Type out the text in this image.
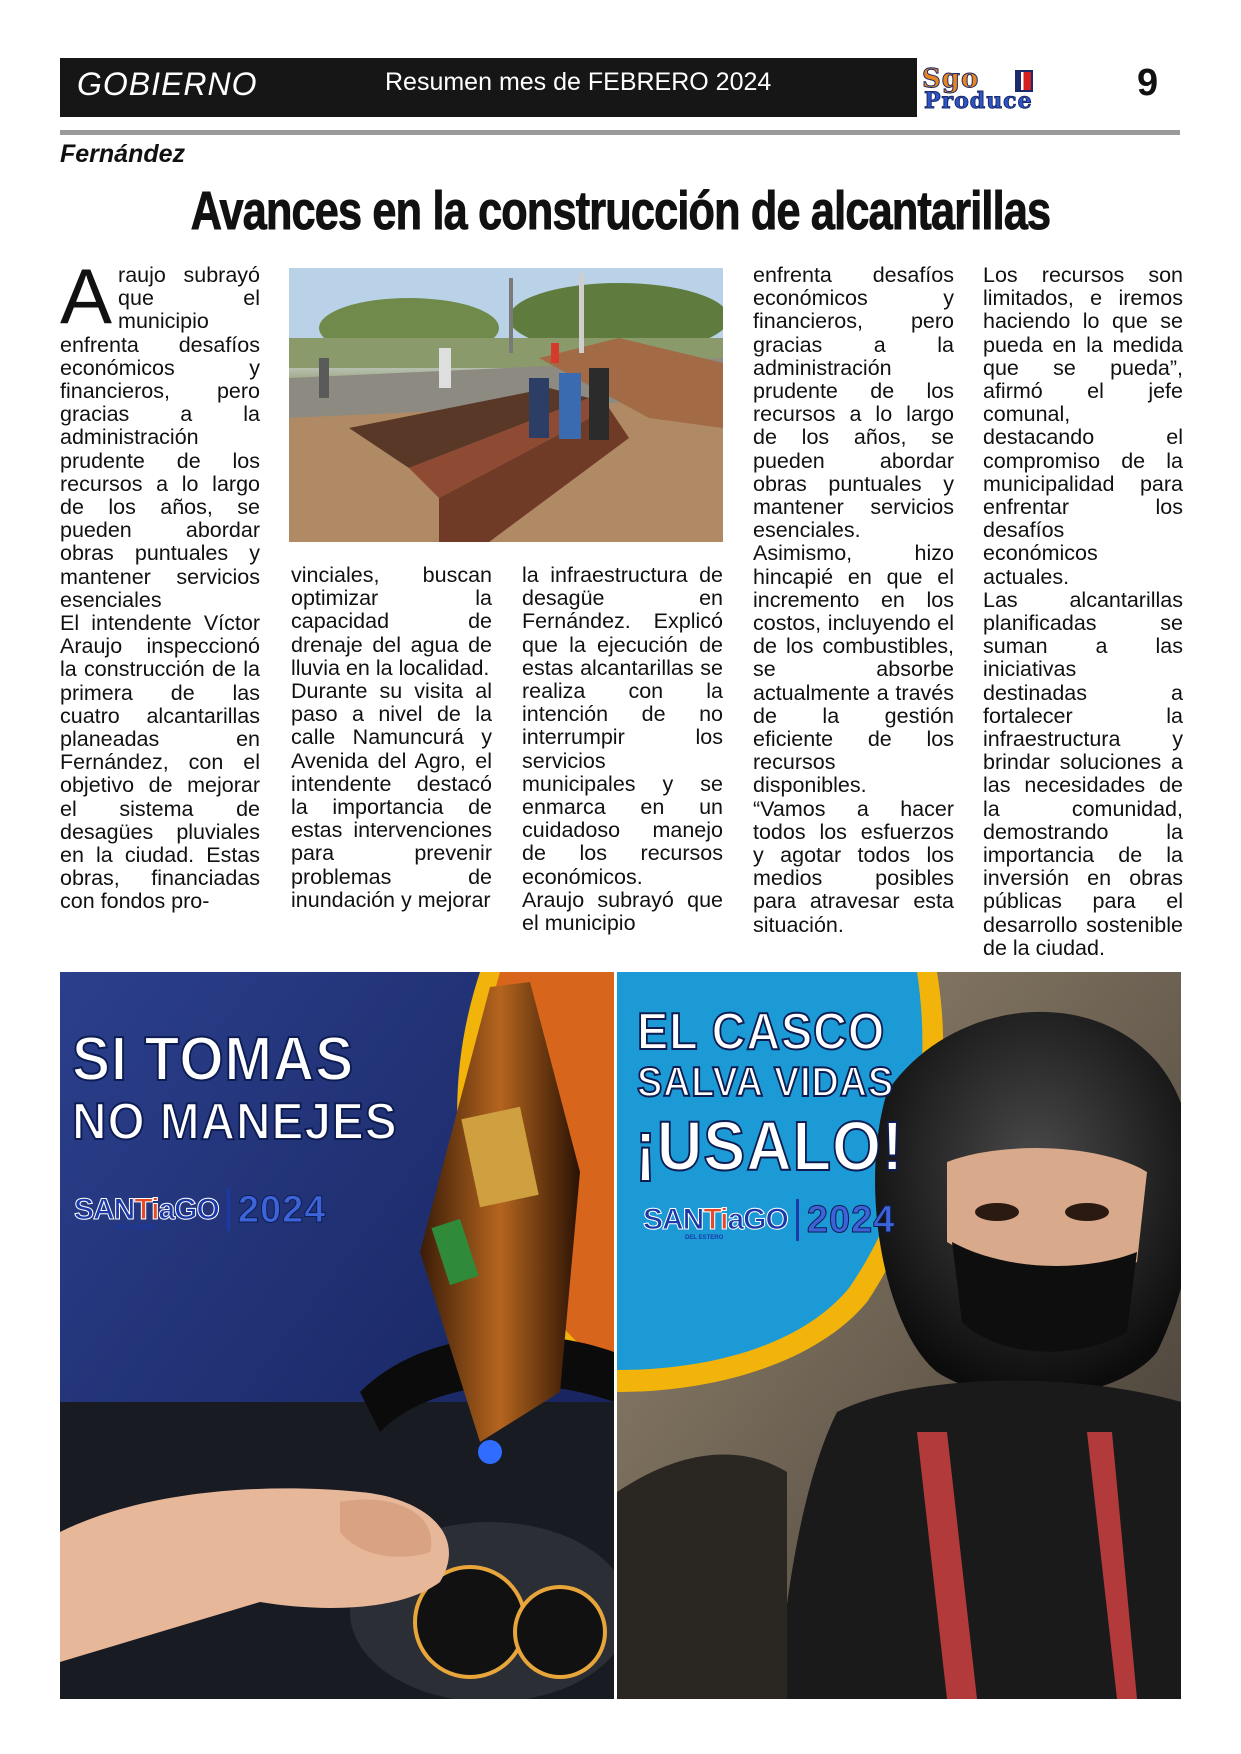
GOBIERNO	Resumen mes de FEBRERO 2024	Sgo
Produce	9
Fernández
Avances en la construcción de alcantarillas
A raujo subrayó que el municipio enfrenta desafíos económicos y financieros, pero gracias a la administración prudente de los recursos a lo largo de los años, se pueden abordar obras puntuales y mantener servicios esenciales

El intendente Víctor Araujo inspeccionó la construcción de la primera de las cuatro alcantarillas planeadas en Fernández, con el objetivo de mejorar el sistema de desagües pluviales en la ciudad. Estas obras, financiadas con fondos pro-

vinciales, buscan optimizar la capacidad de drenaje del agua de lluvia en la localidad.

Durante su visita al paso a nivel de la calle Namuncurá y Avenida del Agro, el intendente destacó la importancia de estas intervenciones para prevenir problemas de inundación y mejorar

la infraestructura de desagüe en Fernández. Explicó que la ejecución de estas alcantarillas se realiza con la intención de no interrumpir los servicios municipales y se enmarca en un cuidadoso manejo de los recursos económicos.

Araujo subrayó que el municipio

enfrenta desafíos económicos y financieros, pero gracias a la administración prudente de los recursos a lo largo de los años, se pueden abordar obras puntuales y mantener servicios esenciales. Asimismo, hizo hincapié en que el incremento en los costos, incluyendo el de los combustibles, se absorbe actualmente a través de la gestión eficiente de los recursos disponibles.

“Vamos a hacer todos los esfuerzos y agotar todos los medios posibles para atravesar esta situación.

Los recursos son limitados, e iremos haciendo lo que se pueda en la medida que se pueda”, afirmó el jefe comunal, destacando el compromiso de la municipalidad para enfrentar los desafíos económicos actuales.

Las alcantarillas planificadas se suman a las iniciativas destinadas a fortalecer la infraestructura y brindar soluciones a las necesidades de la comunidad, demostrando la importancia de la inversión en obras públicas para el desarrollo sostenible de la ciudad.

SI TOMAS
NO MANEJES
SANTiaGO
DEL ESTERO 2024
EL CASCO
SALVA VIDAS
¡USALO!
SANTiaGO
DEL ESTERO 2024
